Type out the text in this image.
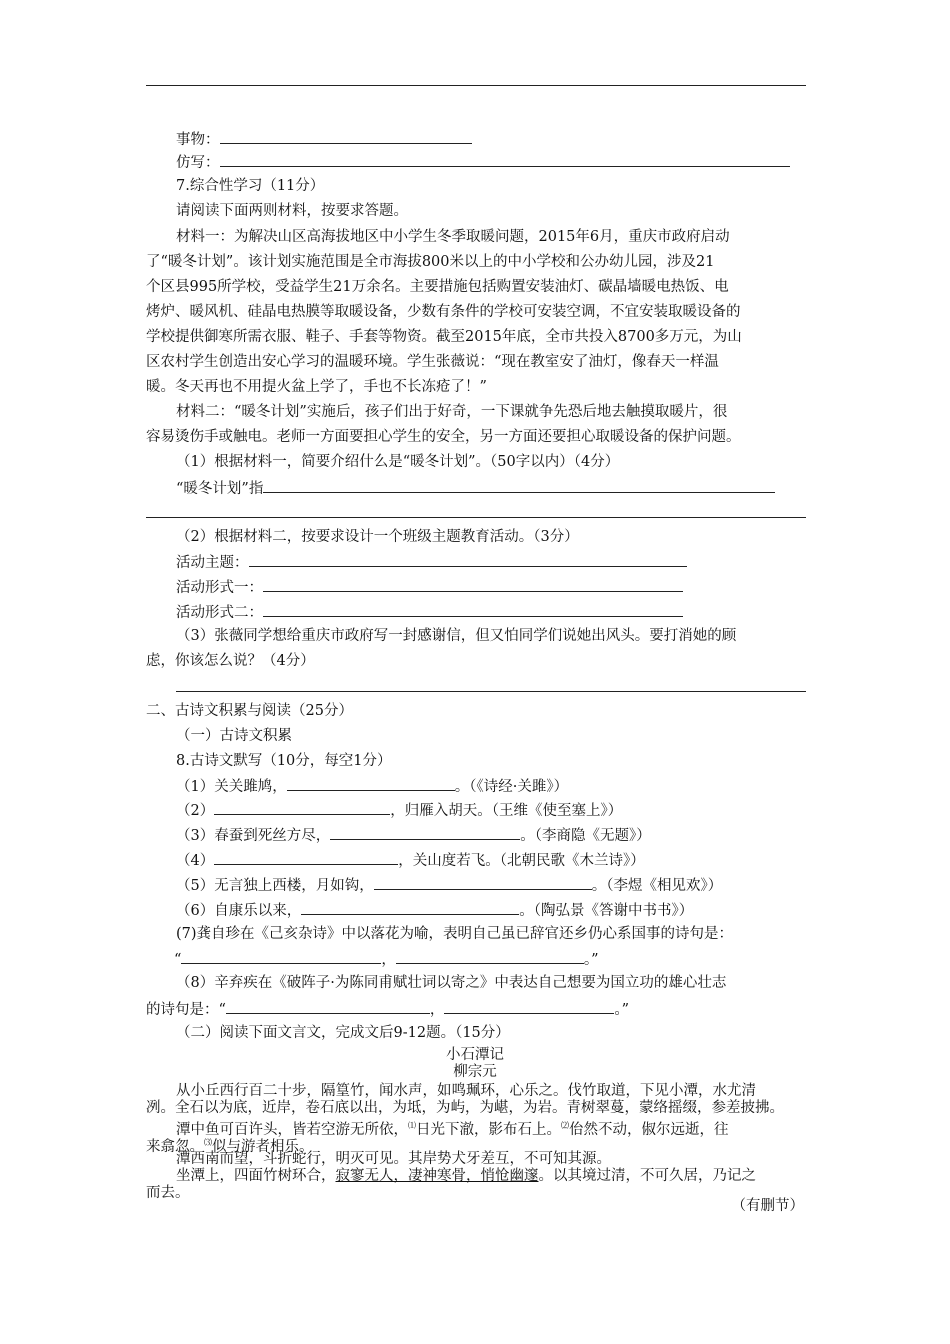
事物：
仿写：
7.综合性学习（11分）
请阅读下面两则材料，按要求答题。
材料一：为解决山区高海拔地区中小学生冬季取暖问题，2015年6月，重庆市政府启动
了“暖冬计划”。该计划实施范围是全市海拔800米以上的中小学校和公办幼儿园，涉及21
个区县995所学校，受益学生21万余名。主要措施包括购置安装油灯、碳晶墙暖电热饭、电
烤炉、暖风机、硅晶电热膜等取暖设备，少数有条件的学校可安装空调，不宜安装取暖设备的
学校提供御寒所需衣服、鞋子、手套等物资。截至2015年底，全市共投入8700多万元，为山
区农村学生创造出安心学习的温暖环境。学生张薇说：“现在教室安了油灯，像春天一样温
暖。冬天再也不用提火盆上学了，手也不长冻疮了！”
材料二：“暖冬计划”实施后，孩子们出于好奇，一下课就争先恐后地去触摸取暖片，很
容易烫伤手或触电。老师一方面要担心学生的安全，另一方面还要担心取暖设备的保护问题。
（1）根据材料一，简要介绍什么是“暖冬计划”。（50字以内）（4分）
“暖冬计划”指
（2）根据材料二，按要求设计一个班级主题教育活动。（3分）
活动主题：
活动形式一：
活动形式二：
（3）张薇同学想给重庆市政府写一封感谢信，但又怕同学们说她出风头。要打消她的顾
虑，你该怎么说？（4分）
二、古诗文积累与阅读（25分）
（一）古诗文积累
8.古诗文默写（10分，每空1分）
（1）关关雎鸠，	。（《诗经·关雎》）
（2）	，归雁入胡天。（王维《使至塞上》）
（3）春蚕到死丝方尽，	。（李商隐《无题》）
（4）	，关山度若飞。（北朝民歌《木兰诗》）
（5）无言独上西楼，月如钩，	。（李煜《相见欢》）
（6）自康乐以来，	。（陶弘景《答谢中书书》）
(7)龚自珍在《己亥杂诗》中以落花为喻，表明自己虽已辞官还乡仍心系国事的诗句是：
“	，	。”
（8）辛弃疾在《破阵子·为陈同甫赋壮词以寄之》中表达自己想要为国立功的雄心壮志
的诗句是：“	，	。”
（二）阅读下面文言文，完成文后9-12题。（15分）
小石潭记
柳宗元
从小丘西行百二十步，隔篁竹，闻水声，如鸣珮环，心乐之。伐竹取道，下见小潭，水尤清
冽。全石以为底，近岸，卷石底以出，为坻，为屿，为嵁，为岩。青树翠蔓，蒙络摇缀，参差披拂。
潭中鱼可百许头，皆若空游无所依，⑴日光下澈，影布石上。⑵佁然不动，俶尔远逝，往
来翕忽。⑶似与游者相乐。
潭西南而望，斗折蛇行，明灭可见。其岸势犬牙差互，不可知其源。
坐潭上，四面竹树环合，寂寥无人，凄神寒骨，悄怆幽邃。以其境过清，不可久居，乃记之
而去。
（有删节）
